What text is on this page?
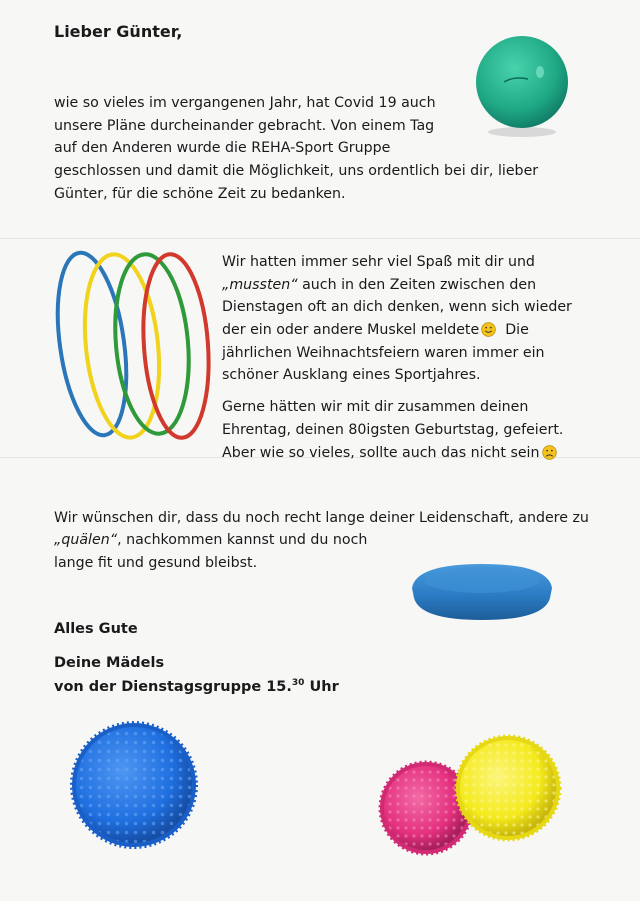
Lieber Günter,
wie so vieles im vergangenen Jahr, hat Covid 19 auch
unsere Pläne durcheinander gebracht. Von einem Tag
auf den Anderen wurde die REHA-Sport Gruppe
geschlossen und damit die Möglichkeit, uns ordentlich bei dir, lieber
Günter, für die schöne Zeit zu bedanken.
Wir hatten immer sehr viel Spaß mit dir und
„mussten“ auch in den Zeiten zwischen den
Dienstagen oft an dich denken, wenn sich wieder
der ein oder andere Muskel meldete  Die
jährlichen Weihnachtsfeiern waren immer ein
schöner Ausklang eines Sportjahres.
Gerne hätten wir mit dir zusammen deinen
Ehrentag, deinen 80igsten Geburtstag, gefeiert.
Aber wie so vieles, sollte auch das nicht sein
Wir wünschen dir, dass du noch recht lange deiner Leidenschaft, andere zu
„quälen“, nachkommen kannst und du noch
lange fit und gesund bleibst.
Alles Gute
Deine Mädels
von der Dienstagsgruppe 15.30 Uhr
